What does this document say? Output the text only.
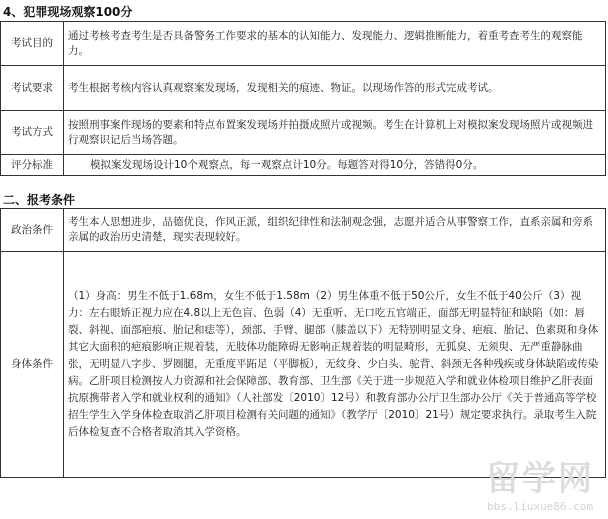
4、犯罪现场观察100分
考试目的	通过考核考查考生是否具备警务工作要求的基本的认知能力、发现能力、逻辑推断能力，着重考查考生的观察能力。
考试要求	考生根据考核内容认真观察案发现场，发现相关的痕迹、物证。以现场作答的形式完成考试。
考试方式	按照刑事案件现场的要素和特点布置案发现场并拍摄成照片或视频。考生在计算机上对模拟案发现场照片或视频进行观察识记后当场答题。
评分标准	模拟案发现场设计10个观察点，每一观察点计10分。每题答对得10分，答错得0分。
二、报考条件
政治条件	考生本人思想进步，品德优良，作风正派，组织纪律性和法制观念强，志愿并适合从事警察工作，直系亲属和旁系亲属的政治历史清楚，现实表现较好。
身体条件	（1）身高：男生不低于1.68m，女生不低于1.58m（2）男生体重不低于50公斤，女生不低于40公斤（3）视力：左右眼矫正视力应在4.8以上无色盲、色弱（4）无重听、无口吃五官端正，面部无明显特征和缺陷（如：唇裂、斜视、面部疤痕、胎记和痣等），颈部、手臂、腿部（膝盖以下）无特别明显文身、疤痕、胎记、色素斑和身体其它大面积的疤痕影响正规着装，无肢体功能障碍无影响正规着装的明显畸形，无狐臭、无须臾、无严重静脉曲张，无明显八字步、罗圈腿，无重度平跖足（平脚板），无纹身、少白头、驼背、斜颈无各种残疾或身体缺陷或传染病。乙肝项目检测按人力资源和社会保障部、教育部、卫生部《关于进一步规范入学和就业体检项目维护乙肝表面抗原携带者入学和就业权利的通知》（人社部发〔2010〕12号）和教育部办公厅卫生部办公厅《关于普通高等学校招生学生入学身体检查取消乙肝项目检测有关问题的通知》（教学厅〔2010〕21号）规定要求执行。录取考生入院后体检复查不合格者取消其入学资格。
留学网
bbs.liuxue86.com
